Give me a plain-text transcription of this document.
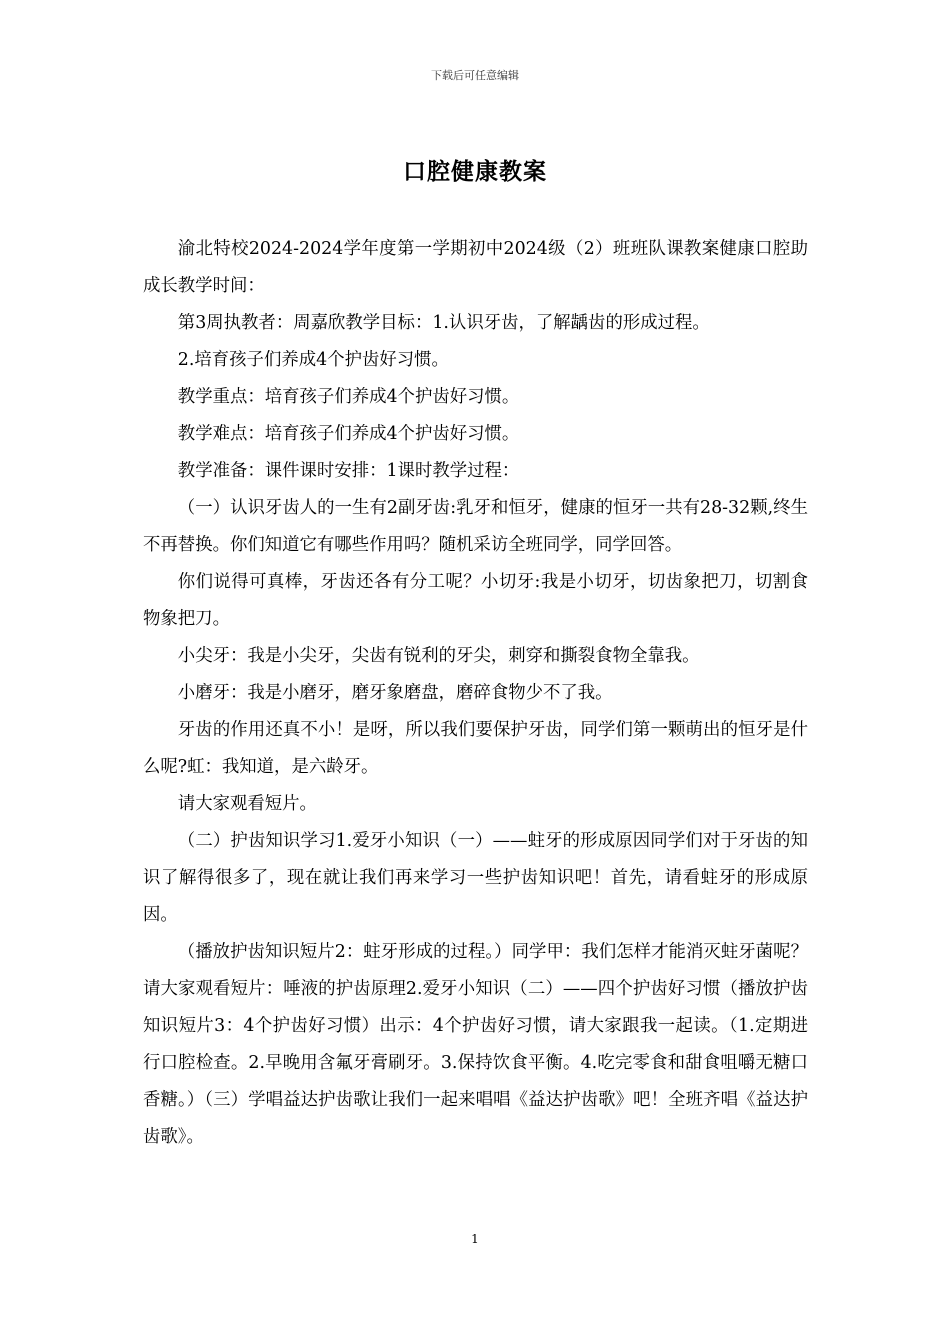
下载后可任意编辑
口腔健康教案

渝北特校2024-2024学年度第一学期初中2024级（2）班班队课教案健康口腔助成长教学时间：

第3周执教者：周嘉欣教学目标：1.认识牙齿，了解龋齿的形成过程。

2.培育孩子们养成4个护齿好习惯。

教学重点：培育孩子们养成4个护齿好习惯。

教学难点：培育孩子们养成4个护齿好习惯。

教学准备：课件课时安排：1课时教学过程：

（一）认识牙齿人的一生有2副牙齿:乳牙和恒牙，健康的恒牙一共有28-32颗,终生不再替换。你们知道它有哪些作用吗？随机采访全班同学，同学回答。

你们说得可真棒，牙齿还各有分工呢？小切牙:我是小切牙，切齿象把刀，切割食物象把刀。

小尖牙：我是小尖牙，尖齿有锐利的牙尖，刺穿和撕裂食物全靠我。

小磨牙：我是小磨牙，磨牙象磨盘，磨碎食物少不了我。

牙齿的作用还真不小！是呀，所以我们要保护牙齿，同学们第一颗萌出的恒牙是什么呢?虹：我知道，是六龄牙。

请大家观看短片。

（二）护齿知识学习1.爱牙小知识（一）——蛀牙的形成原因同学们对于牙齿的知识了解得很多了，现在就让我们再来学习一些护齿知识吧！首先，请看蛀牙的形成原因。

（播放护齿知识短片2：蛀牙形成的过程。）同学甲：我们怎样才能消灭蛀牙菌呢？请大家观看短片：唾液的护齿原理2.爱牙小知识（二）——四个护齿好习惯（播放护齿知识短片3：4个护齿好习惯）出示：4个护齿好习惯，请大家跟我一起读。（1.定期进行口腔检查。2.早晚用含氟牙膏刷牙。3.保持饮食平衡。4.吃完零食和甜食咀嚼无糖口香糖。）（三）学唱益达护齿歌让我们一起来唱唱《益达护齿歌》吧！全班齐唱《益达护齿歌》。

1
